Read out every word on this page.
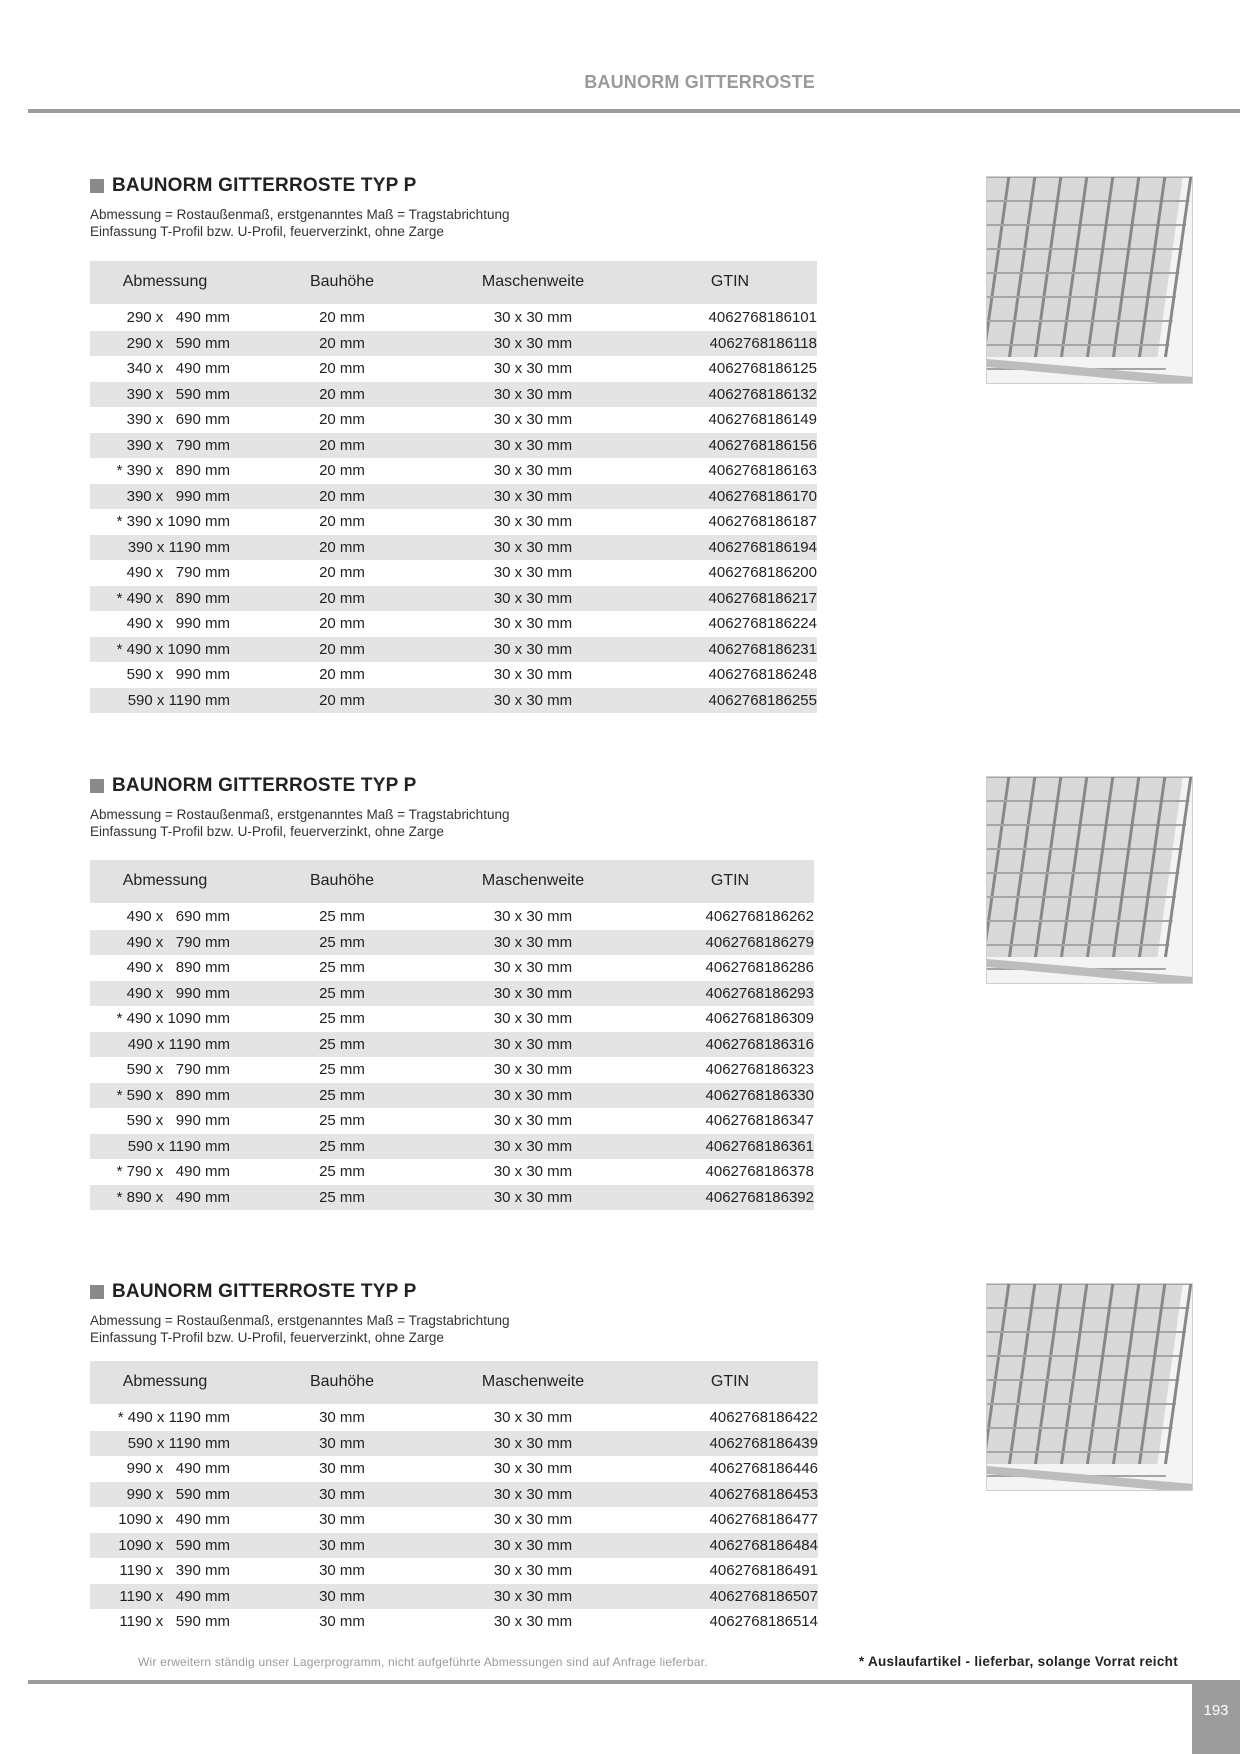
BAUNORM GITTERROSTE
BAUNORM GITTERROSTE TYP P
Abmessung = Rostaußenmaß, erstgenanntes Maß = Tragstabrichtung
Einfassung T-Profil bzw. U-Profil, feuerverzinkt, ohne Zarge
Abmessung	Bauhöhe	Maschenweite	GTIN
290 x   490 mm	20 mm	30 x 30 mm	4062768186101
290 x   590 mm	20 mm	30 x 30 mm	4062768186118
340 x   490 mm	20 mm	30 x 30 mm	4062768186125
390 x   590 mm	20 mm	30 x 30 mm	4062768186132
390 x   690 mm	20 mm	30 x 30 mm	4062768186149
390 x   790 mm	20 mm	30 x 30 mm	4062768186156
* 390 x   890 mm	20 mm	30 x 30 mm	4062768186163
390 x   990 mm	20 mm	30 x 30 mm	4062768186170
* 390 x 1090 mm	20 mm	30 x 30 mm	4062768186187
390 x 1190 mm	20 mm	30 x 30 mm	4062768186194
490 x   790 mm	20 mm	30 x 30 mm	4062768186200
* 490 x   890 mm	20 mm	30 x 30 mm	4062768186217
490 x   990 mm	20 mm	30 x 30 mm	4062768186224
* 490 x 1090 mm	20 mm	30 x 30 mm	4062768186231
590 x   990 mm	20 mm	30 x 30 mm	4062768186248
590 x 1190 mm	20 mm	30 x 30 mm	4062768186255
BAUNORM GITTERROSTE TYP P
Abmessung = Rostaußenmaß, erstgenanntes Maß = Tragstabrichtung
Einfassung T-Profil bzw. U-Profil, feuerverzinkt, ohne Zarge
Abmessung	Bauhöhe	Maschenweite	GTIN
490 x   690 mm	25 mm	30 x 30 mm	4062768186262
490 x   790 mm	25 mm	30 x 30 mm	4062768186279
490 x   890 mm	25 mm	30 x 30 mm	4062768186286
490 x   990 mm	25 mm	30 x 30 mm	4062768186293
* 490 x 1090 mm	25 mm	30 x 30 mm	4062768186309
490 x 1190 mm	25 mm	30 x 30 mm	4062768186316
590 x   790 mm	25 mm	30 x 30 mm	4062768186323
* 590 x   890 mm	25 mm	30 x 30 mm	4062768186330
590 x   990 mm	25 mm	30 x 30 mm	4062768186347
590 x 1190 mm	25 mm	30 x 30 mm	4062768186361
* 790 x   490 mm	25 mm	30 x 30 mm	4062768186378
* 890 x   490 mm	25 mm	30 x 30 mm	4062768186392
BAUNORM GITTERROSTE TYP P
Abmessung = Rostaußenmaß, erstgenanntes Maß = Tragstabrichtung
Einfassung T-Profil bzw. U-Profil, feuerverzinkt, ohne Zarge
Abmessung	Bauhöhe	Maschenweite	GTIN
* 490 x 1190 mm	30 mm	30 x 30 mm	4062768186422
590 x 1190 mm	30 mm	30 x 30 mm	4062768186439
990 x   490 mm	30 mm	30 x 30 mm	4062768186446
990 x   590 mm	30 mm	30 x 30 mm	4062768186453
1090 x   490 mm	30 mm	30 x 30 mm	4062768186477
1090 x   590 mm	30 mm	30 x 30 mm	4062768186484
1190 x   390 mm	30 mm	30 x 30 mm	4062768186491
1190 x   490 mm	30 mm	30 x 30 mm	4062768186507
1190 x   590 mm	30 mm	30 x 30 mm	4062768186514
Wir erweitern ständig unser Lagerprogramm, nicht aufgeführte Abmessungen sind auf Anfrage lieferbar.	* Auslaufartikel - lieferbar, solange Vorrat reicht
193
